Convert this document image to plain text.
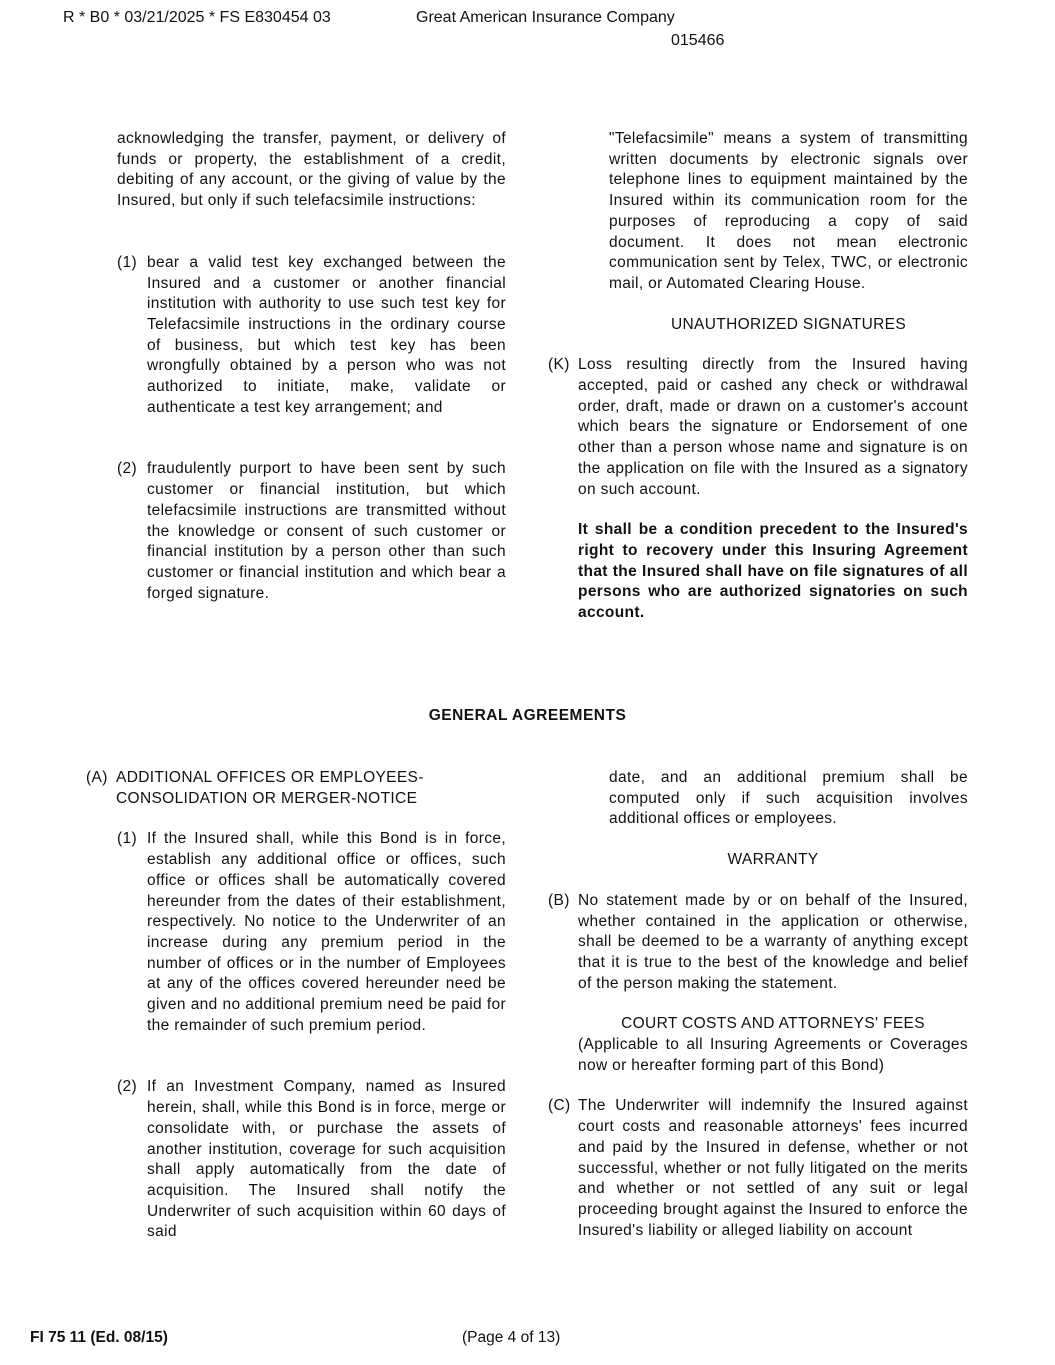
R * B0 * 03/21/2025 * FS E830454 03	Great American Insurance Company
015466

acknowledging the transfer, payment, or delivery of funds or property, the establishment of a credit, debiting of any account, or the giving of value by the Insured, but only if such telefacsimile instructions:

(1) bear a valid test key exchanged between the Insured and a customer or another financial institution with authority to use such test key for Telefacsimile instructions in the ordinary course of business, but which test key has been wrongfully obtained by a person who was not authorized to initiate, make, validate or authenticate a test key arrangement; and
(2) fraudulently purport to have been sent by such customer or financial institution, but which telefacsimile instructions are transmitted without the knowledge or consent of such customer or financial institution by a person other than such customer or financial institution and which bear a forged signature.

"Telefacsimile" means a system of transmitting written documents by electronic signals over telephone lines to equipment maintained by the Insured within its communication room for the purposes of reproducing a copy of said document. It does not mean electronic communication sent by Telex, TWC, or electronic mail, or Automated Clearing House.

UNAUTHORIZED SIGNATURES
(K) Loss resulting directly from the Insured having accepted, paid or cashed any check or withdrawal order, draft, made or drawn on a customer's account which bears the signature or Endorsement of one other than a person whose name and signature is on the application on file with the Insured as a signatory on such account.

It shall be a condition precedent to the Insured's right to recovery under this Insuring Agreement that the Insured shall have on file signatures of all persons who are authorized signatories on such account.

GENERAL AGREEMENTS
(A) ADDITIONAL OFFICES OR EMPLOYEES- CONSOLIDATION OR MERGER-NOTICE
(1) If the Insured shall, while this Bond is in force, establish any additional office or offices, such office or offices shall be automatically covered hereunder from the dates of their establishment, respectively. No notice to the Underwriter of an increase during any premium period in the number of offices or in the number of Employees at any of the offices covered hereunder need be given and no additional premium need be paid for the remainder of such premium period.
(2) If an Investment Company, named as Insured herein, shall, while this Bond is in force, merge or consolidate with, or purchase the assets of another institution, coverage for such acquisition shall apply automatically from the date of acquisition. The Insured shall notify the Underwriter of such acquisition within 60 days of said

date, and an additional premium shall be computed only if such acquisition involves additional offices or employees.

WARRANTY
(B) No statement made by or on behalf of the Insured, whether contained in the application or otherwise, shall be deemed to be a warranty of anything except that it is true to the best of the knowledge and belief of the person making the statement.
COURT COSTS AND ATTORNEYS' FEES

(Applicable to all Insuring Agreements or Coverages now or hereafter forming part of this Bond)

(C) The Underwriter will indemnify the Insured against court costs and reasonable attorneys' fees incurred and paid by the Insured in defense, whether or not successful, whether or not fully litigated on the merits and whether or not settled of any suit or legal proceeding brought against the Insured to enforce the Insured's liability or alleged liability on account
FI 75 11 (Ed. 08/15)	(Page 4 of 13)
